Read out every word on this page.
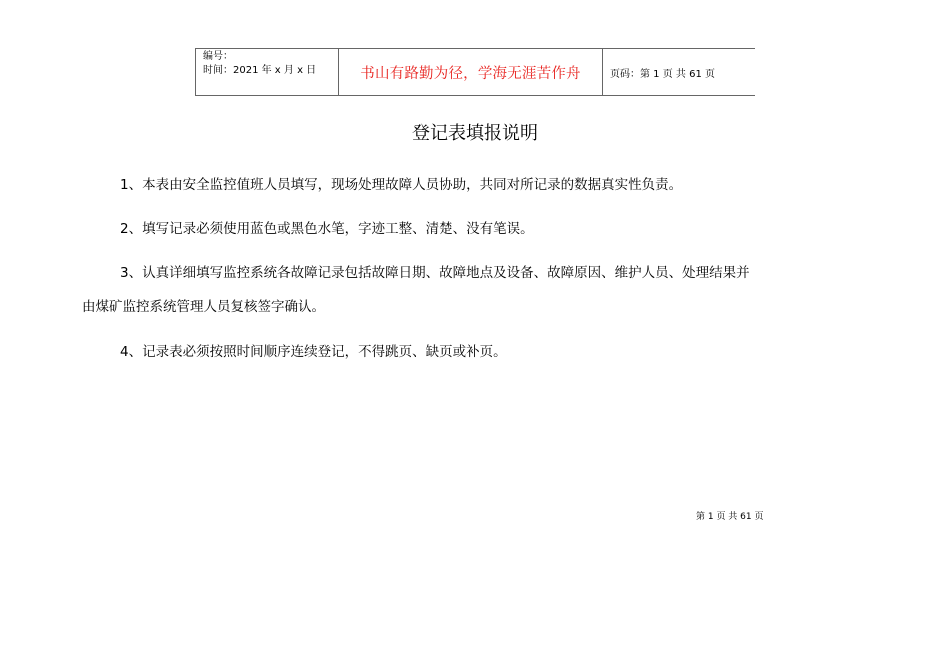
编号：
时间：2021 年 x 月 x 日	书山有路勤为径，学海无涯苦作舟	页码：第 1 页 共 61 页
登记表填报说明
1、本表由安全监控值班人员填写，现场处理故障人员协助，共同对所记录的数据真实性负责。
2、填写记录必须使用蓝色或黑色水笔，字迹工整、清楚、没有笔误。
3、认真详细填写监控系统各故障记录包括故障日期、故障地点及设备、故障原因、维护人员、处理结果并
由煤矿监控系统管理人员复核签字确认。
4、记录表必须按照时间顺序连续登记，不得跳页、缺页或补页。
第 1 页 共 61 页
